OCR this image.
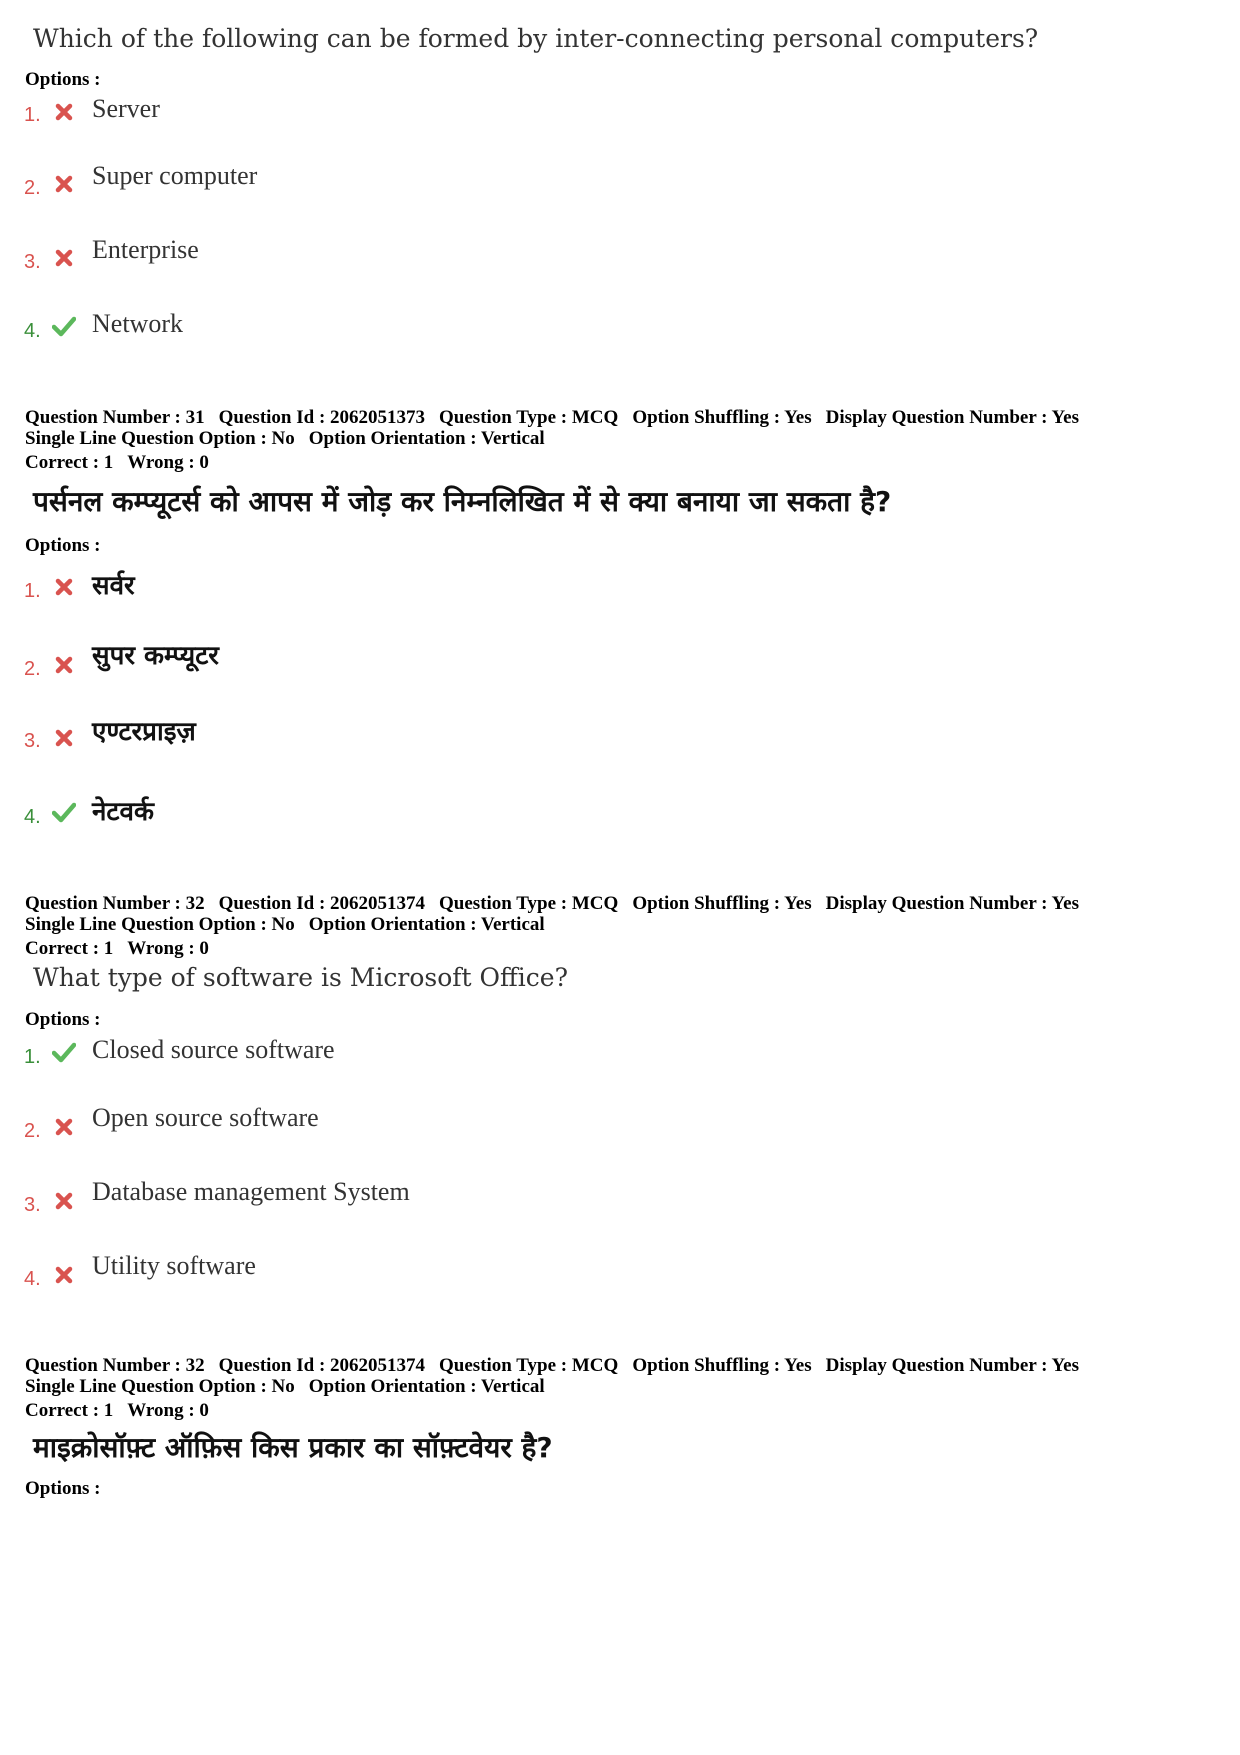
Which of the following can be formed by inter-connecting personal computers?
Options :
1. Server
2. Super computer
3. Enterprise
4. Network
Question Number : 31 Question Id : 2062051373 Question Type : MCQ Option Shuffling : Yes Display Question Number : Yes
Single Line Question Option : No Option Orientation : Vertical
Correct : 1 Wrong : 0
पर्सनल कम्प्यूटर्स को आपस में जोड़ कर निम्नलिखित में से क्या बनाया जा सकता है?
Options :
1. सर्वर
2. सुपर कम्प्यूटर
3. एण्टरप्राइज़
4. नेटवर्क
Question Number : 32 Question Id : 2062051374 Question Type : MCQ Option Shuffling : Yes Display Question Number : Yes
Single Line Question Option : No Option Orientation : Vertical
Correct : 1 Wrong : 0
What type of software is Microsoft Office?
Options :
1. Closed source software
2. Open source software
3. Database management System
4. Utility software
Question Number : 32 Question Id : 2062051374 Question Type : MCQ Option Shuffling : Yes Display Question Number : Yes
Single Line Question Option : No Option Orientation : Vertical
Correct : 1 Wrong : 0
माइक्रोसॉफ़्ट ऑफ़िस किस प्रकार का सॉफ़्टवेयर है?
Options :
